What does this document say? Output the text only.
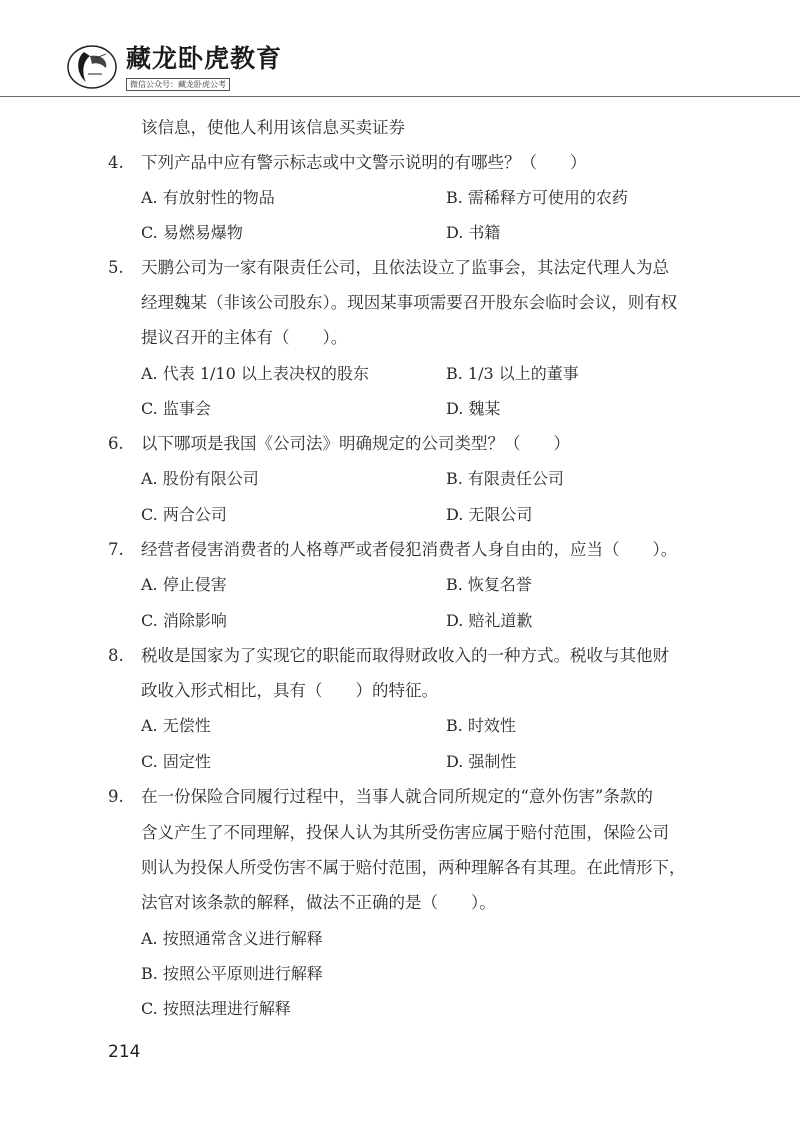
藏龙卧虎教育
微信公众号：藏龙卧虎公考
该信息，使他人利用该信息买卖证券
4. 下列产品中应有警示标志或中文警示说明的有哪些？（　　）
A. 有放射性的物品	B. 需稀释方可使用的农药
C. 易燃易爆物	D. 书籍
5. 天鹏公司为一家有限责任公司，且依法设立了监事会，其法定代理人为总
经理魏某（非该公司股东）。现因某事项需要召开股东会临时会议，则有权
提议召开的主体有（　　）。
A. 代表 1/10 以上表决权的股东	B. 1/3 以上的董事
C. 监事会	D. 魏某
6. 以下哪项是我国《公司法》明确规定的公司类型？（　　）
A. 股份有限公司	B. 有限责任公司
C. 两合公司	D. 无限公司
7. 经营者侵害消费者的人格尊严或者侵犯消费者人身自由的，应当（　　）。
A. 停止侵害	B. 恢复名誉
C. 消除影响	D. 赔礼道歉
8. 税收是国家为了实现它的职能而取得财政收入的一种方式。税收与其他财
政收入形式相比，具有（　　）的特征。
A. 无偿性	B. 时效性
C. 固定性	D. 强制性
9. 在一份保险合同履行过程中，当事人就合同所规定的“意外伤害”条款的
含义产生了不同理解，投保人认为其所受伤害应属于赔付范围，保险公司
则认为投保人所受伤害不属于赔付范围，两种理解各有其理。在此情形下，
法官对该条款的解释，做法不正确的是（　　）。
A. 按照通常含义进行解释
B. 按照公平原则进行解释
C. 按照法理进行解释
214
